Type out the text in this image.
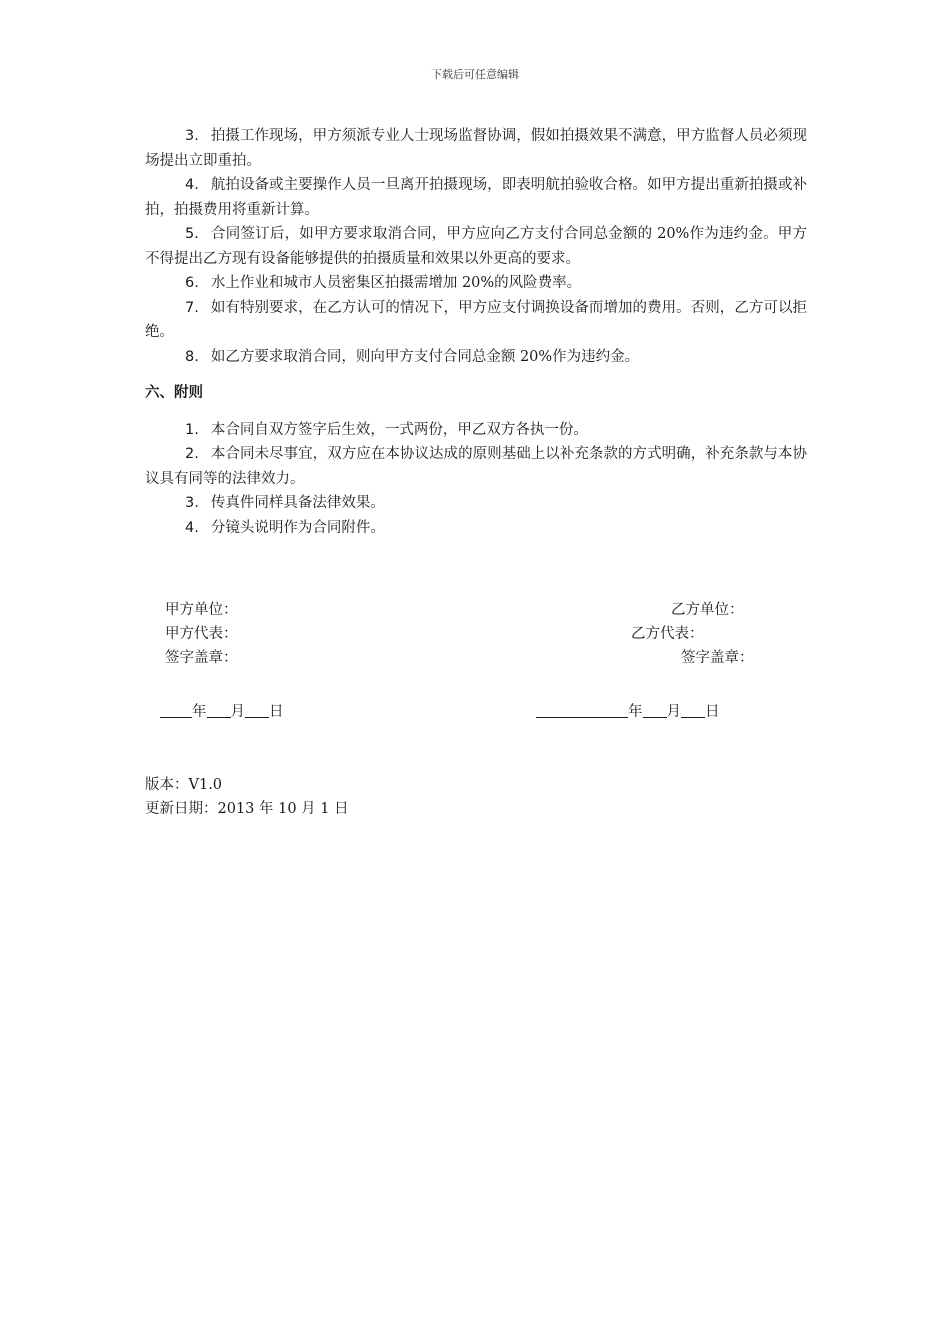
下载后可任意编辑

3. 拍摄工作现场，甲方须派专业人士现场监督协调，假如拍摄效果不满意，甲方监督人员必须现场提出立即重拍。

4. 航拍设备或主要操作人员一旦离开拍摄现场，即表明航拍验收合格。如甲方提出重新拍摄或补拍，拍摄费用将重新计算。

5. 合同签订后，如甲方要求取消合同，甲方应向乙方支付合同总金额的 20%作为违约金。甲方不得提出乙方现有设备能够提供的拍摄质量和效果以外更高的要求。

6. 水上作业和城市人员密集区拍摄需增加 20%的风险费率。

7. 如有特别要求，在乙方认可的情况下，甲方应支付调换设备而增加的费用。否则，乙方可以拒绝。

8. 如乙方要求取消合同，则向甲方支付合同总金额 20%作为违约金。

六、附则

1. 本合同自双方签字后生效，一式两份，甲乙双方各执一份。

2. 本合同未尽事宜，双方应在本协议达成的原则基础上以补充条款的方式明确，补充条款与本协议具有同等的法律效力。

3. 传真件同样具备法律效果。

4. 分镜头说明作为合同附件。

甲方单位：
甲方代表：
签字盖章：
乙方单位：
乙方代表：
签字盖章：
年 月 日	年 月 日
版本：V1.0
更新日期：2013 年 10 月 1 日
